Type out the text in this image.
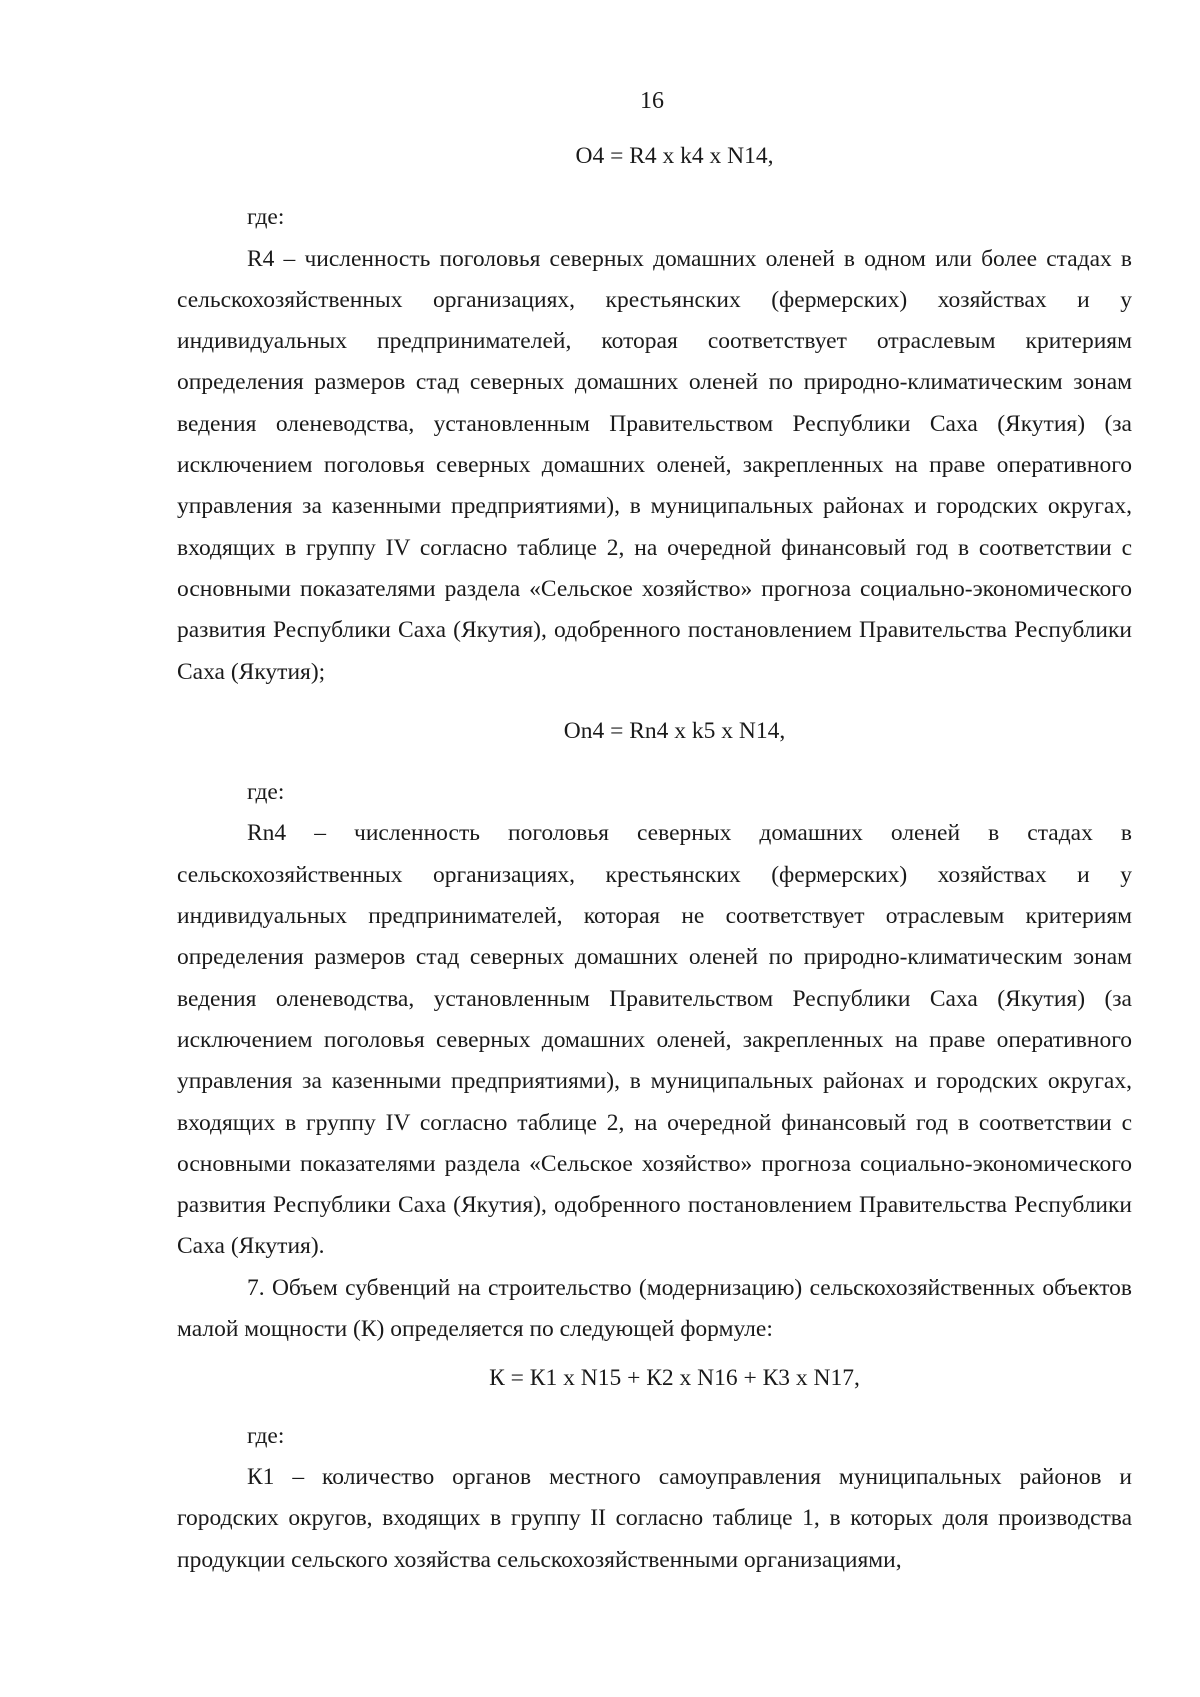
16

О4 = R4 x k4 x N14,

где:

R4 – численность поголовья северных домашних оленей в одном или более стадах в сельскохозяйственных организациях, крестьянских (фермерских) хозяйствах и у индивидуальных предпринимателей, которая соответствует отраслевым критериям определения размеров стад северных домашних оленей по природно-климатическим зонам ведения оленеводства, установленным Правительством Республики Саха (Якутия) (за исключением поголовья северных домашних оленей, закрепленных на праве оперативного управления за казенными предприятиями), в муниципальных районах и городских округах, входящих в группу IV согласно таблице 2, на очередной финансовый год в соответствии с основными показателями раздела «Сельское хозяйство» прогноза социально-экономического развития Республики Саха (Якутия), одобренного постановлением Правительства Республики Саха (Якутия);

Оn4 = Rn4 x k5 x N14,

где:

Rn4 – численность поголовья северных домашних оленей в стадах в сельскохозяйственных организациях, крестьянских (фермерских) хозяйствах и у индивидуальных предпринимателей, которая не соответствует отраслевым критериям определения размеров стад северных домашних оленей по природно-климатическим зонам ведения оленеводства, установленным Правительством Республики Саха (Якутия) (за исключением поголовья северных домашних оленей, закрепленных на праве оперативного управления за казенными предприятиями), в муниципальных районах и городских округах, входящих в группу IV согласно таблице 2, на очередной финансовый год в соответствии с основными показателями раздела «Сельское хозяйство» прогноза социально-экономического развития Республики Саха (Якутия), одобренного постановлением Правительства Республики Саха (Якутия).

7. Объем субвенций на строительство (модернизацию) сельскохозяйственных объектов малой мощности (К) определяется по следующей формуле:

К = К1 x N15 + К2 x N16 + К3 x N17,

где:

К1 – количество органов местного самоуправления муниципальных районов и городских округов, входящих в группу II согласно таблице 1, в которых доля производства продукции сельского хозяйства сельскохозяйственными организациями,
